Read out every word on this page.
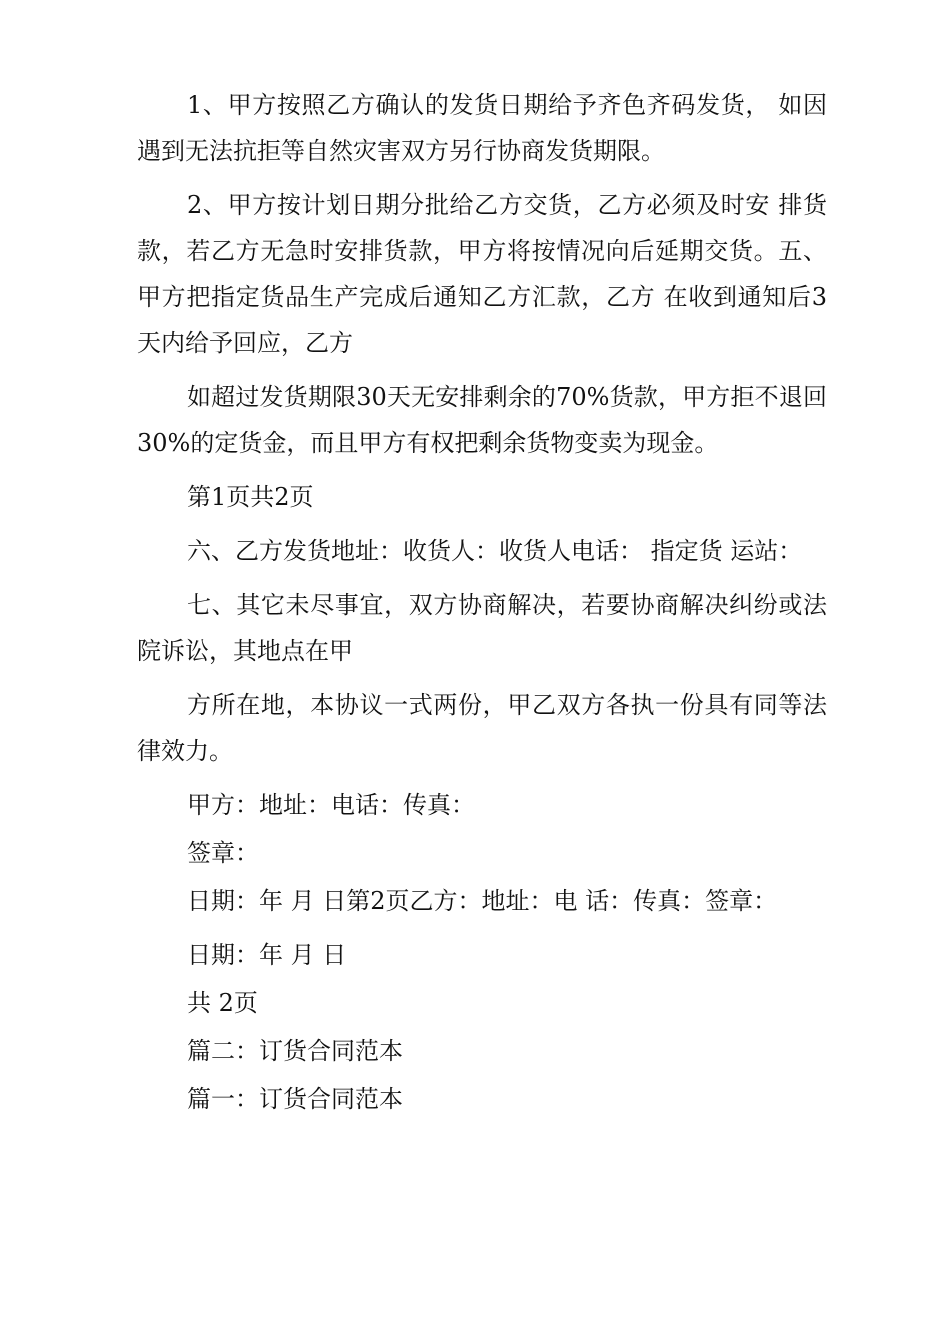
1、甲方按照乙方确认的发货日期给予齐色齐码发货， 如因遇到无法抗拒等自然灾害双方另行协商发货期限。

2、甲方按计划日期分批给乙方交货，乙方必须及时安 排货款，若乙方无急时安排货款，甲方将按情况向后延期交货。五、甲方把指定货品生产完成后通知乙方汇款，乙方 在收到通知后3天内给予回应，乙方

如超过发货期限30天无安排剩余的70%货款，甲方拒不退回30%的定货金，而且甲方有权把剩余货物变卖为现金。

第1页共2页

六、乙方发货地址：收货人：收货人电话： 指定货 运站：

七、其它未尽事宜，双方协商解决，若要协商解决纠纷或法院诉讼，其地点在甲

方所在地，本协议一式两份，甲乙双方各执一份具有同等法律效力。

甲方：地址：电话：传真：

签章：

日期：年 月 日第2页乙方：地址：电 话：传真：签章：

日期：年 月 日

共 2页

篇二：订货合同范本

篇一：订货合同范本
